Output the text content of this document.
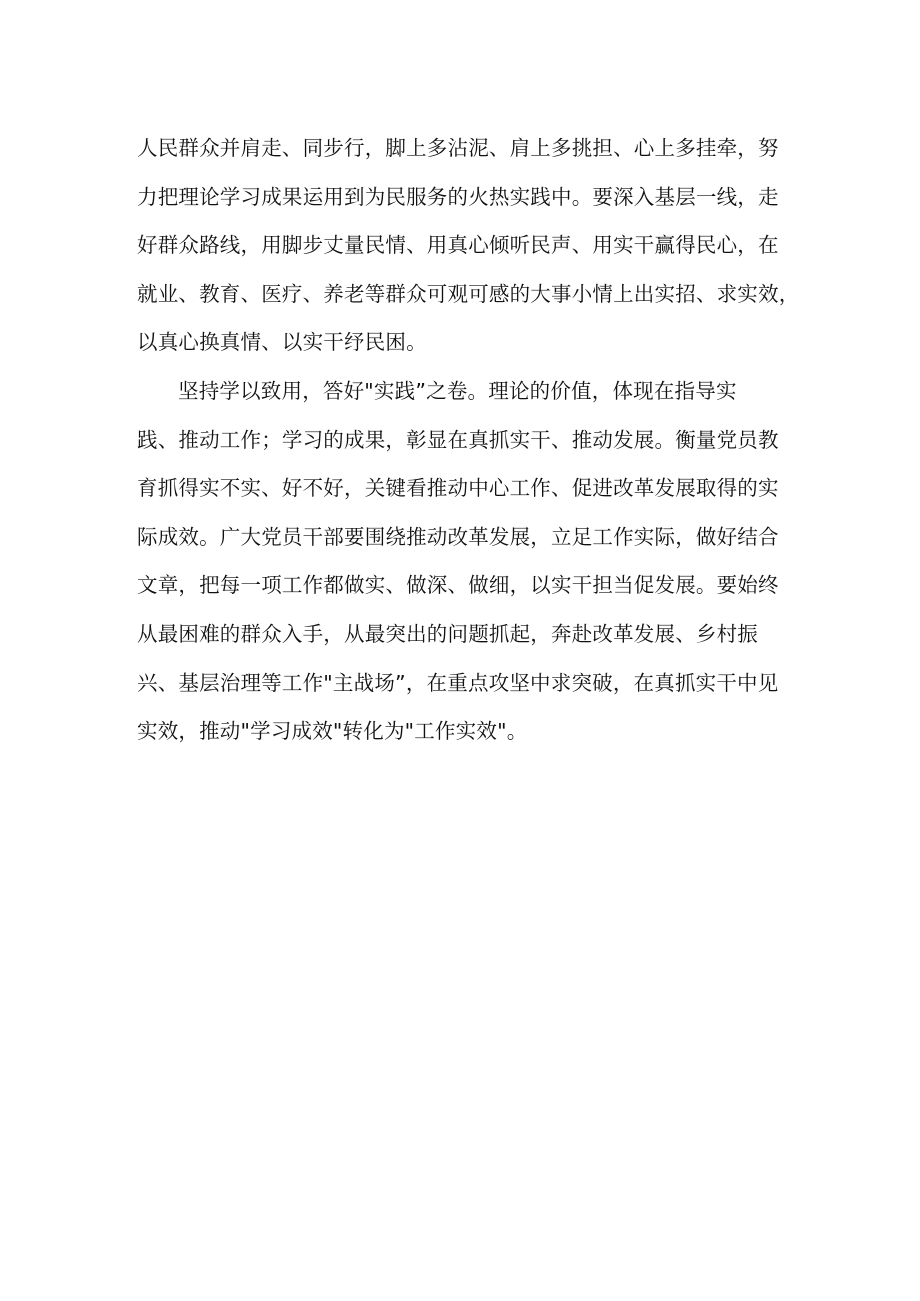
人民群众并肩走、同步行，脚上多沾泥、肩上多挑担、心上多挂牵，努
力把理论学习成果运用到为民服务的火热实践中。要深入基层一线，走
好群众路线，用脚步丈量民情、用真心倾听民声、用实干赢得民心，在
就业、教育、医疗、养老等群众可观可感的大事小情上出实招、求实效，
以真心换真情、以实干纾民困。
坚持学以致用，答好"实践”之卷。理论的价值，体现在指导实
践、推动工作；学习的成果，彰显在真抓实干、推动发展。衡量党员教
育抓得实不实、好不好，关键看推动中心工作、促进改革发展取得的实
际成效。广大党员干部要围绕推动改革发展，立足工作实际，做好结合
文章，把每一项工作都做实、做深、做细，以实干担当促发展。要始终
从最困难的群众入手，从最突出的问题抓起，奔赴改革发展、乡村振
兴、基层治理等工作"主战场”，在重点攻坚中求突破，在真抓实干中见
实效，推动"学习成效"转化为"工作实效"。
